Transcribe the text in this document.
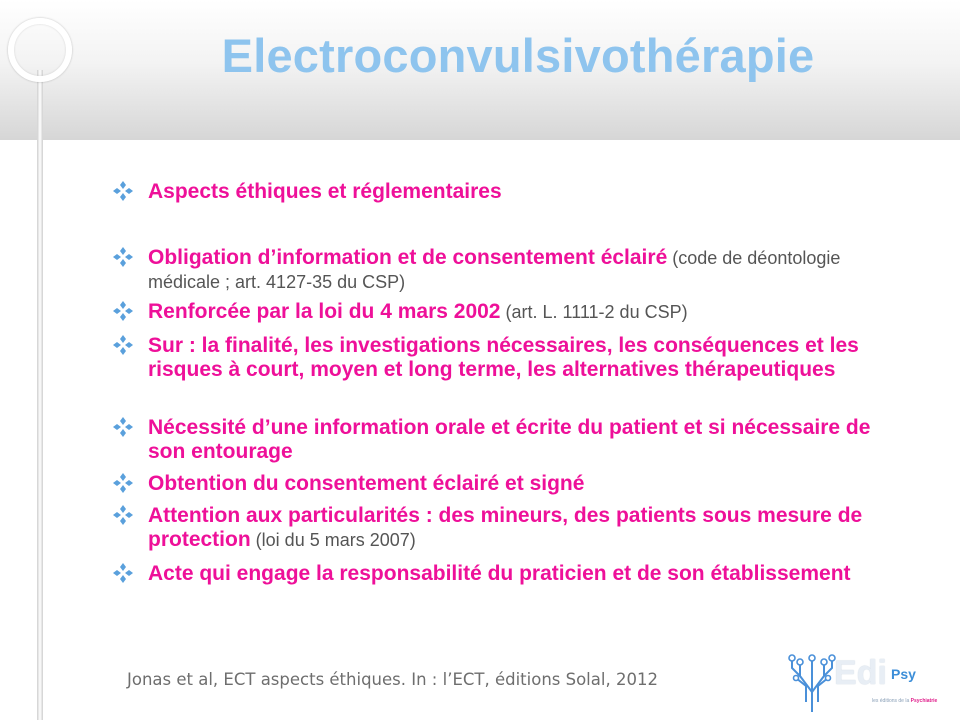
Electroconvulsivothérapie
Aspects éthiques et réglementaires
Obligation d’information et de consentement éclairé (code de déontologie médicale ; art. 4127-35 du CSP)
Renforcée par la loi du 4 mars 2002 (art. L. 1111-2 du CSP)
Sur : la finalité, les investigations nécessaires, les conséquences et les risques à court, moyen et long terme, les alternatives thérapeutiques
Nécessité d’une information orale et écrite du patient et si nécessaire de son entourage
Obtention du consentement éclairé et signé
Attention aux particularités : des mineurs, des patients sous mesure de protection (loi du 5 mars 2007)
Acte qui engage la responsabilité du praticien et de son établissement
Jonas et al, ECT aspects éthiques. In : l’ECT, éditions Solal, 2012	Edi Psy
les éditions de la Psychiatrie
